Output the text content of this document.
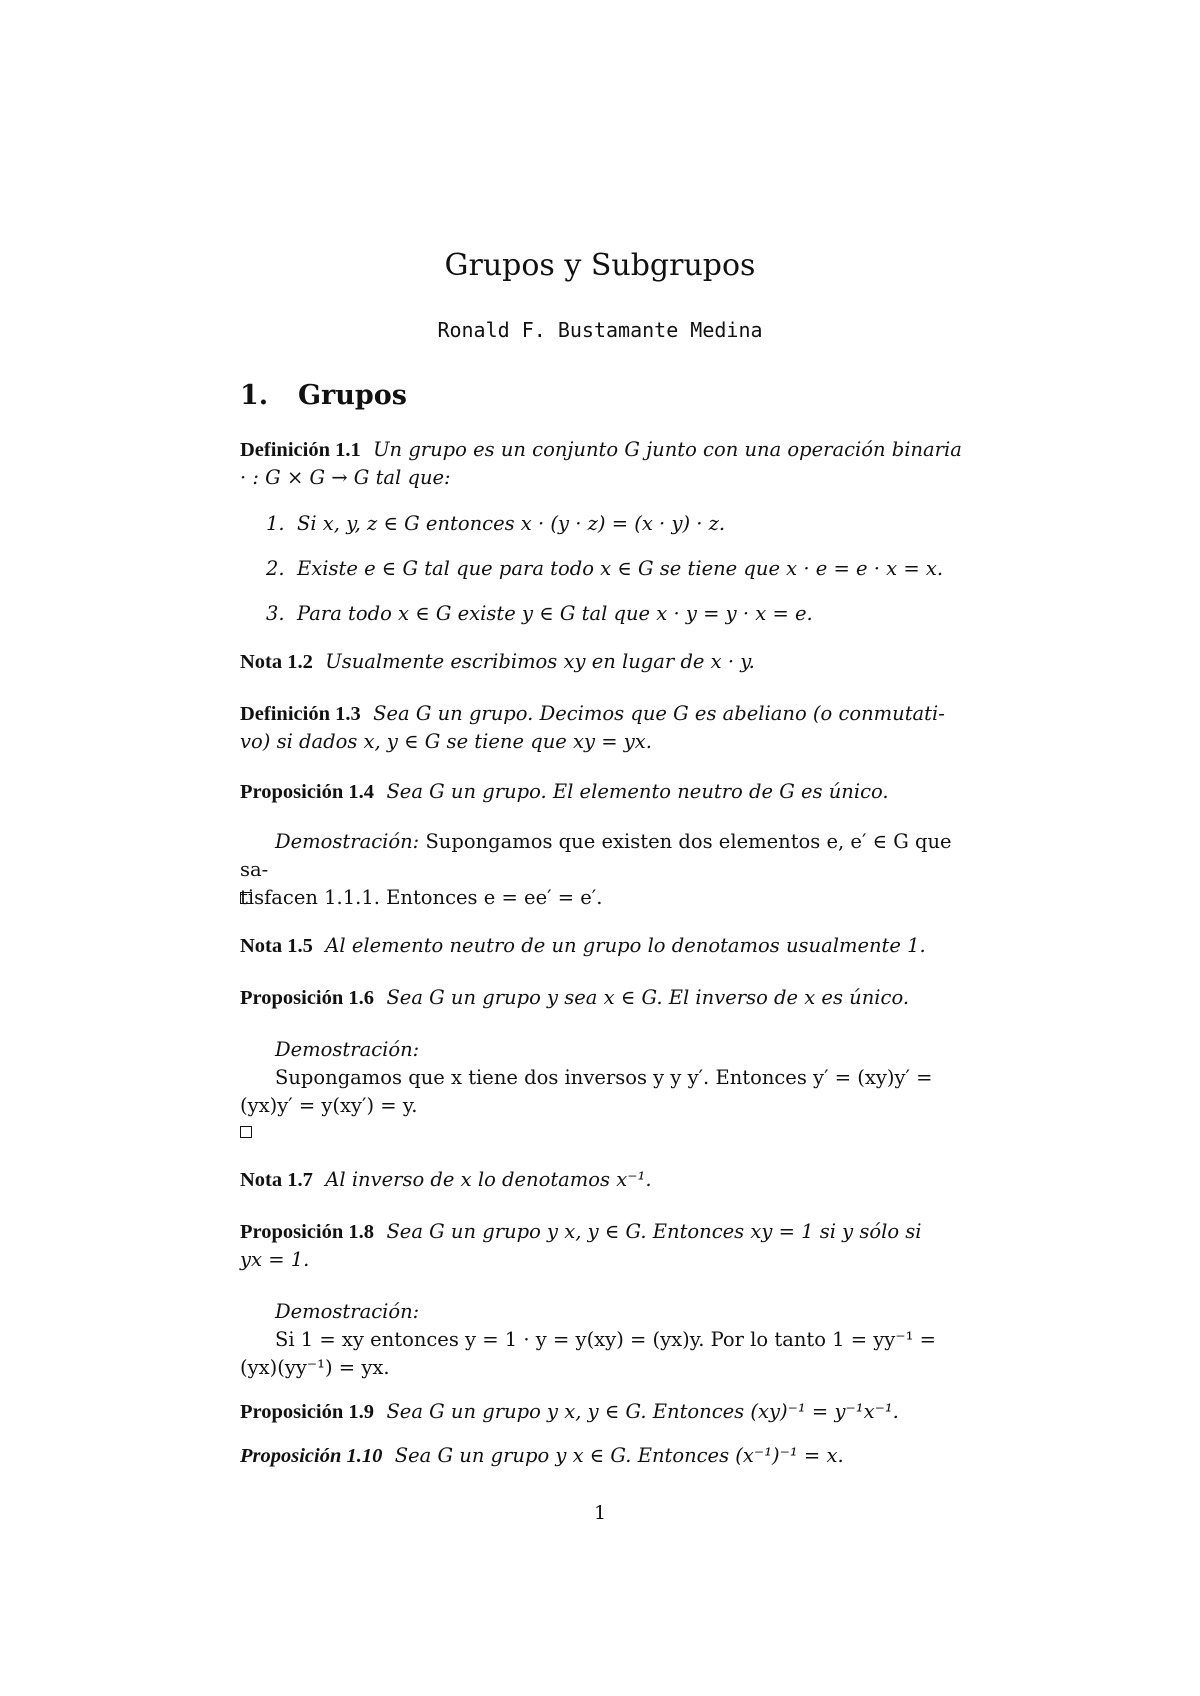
Grupos y Subgrupos
Ronald F. Bustamante Medina
1. Grupos

Definición 1.1 Un grupo es un conjunto G junto con una operación binaria
· : G × G → G tal que:

1. Si x, y, z ∈ G entonces x · (y · z) = (x · y) · z.
2. Existe e ∈ G tal que para todo x ∈ G se tiene que x · e = e · x = x.
3. Para todo x ∈ G existe y ∈ G tal que x · y = y · x = e.

Nota 1.2 Usualmente escribimos xy en lugar de x · y.

Definición 1.3 Sea G un grupo. Decimos que G es abeliano (o conmutati-
vo) si dados x, y ∈ G se tiene que xy = yx.

Proposición 1.4 Sea G un grupo. El elemento neutro de G es único.

Demostración: Supongamos que existen dos elementos e, e′ ∈ G que sa-
tisfacen 1.1.1. Entonces e = ee′ = e′.

Nota 1.5 Al elemento neutro de un grupo lo denotamos usualmente 1.

Proposición 1.6 Sea G un grupo y sea x ∈ G. El inverso de x es único.

Demostración:
Supongamos que x tiene dos inversos y y y′. Entonces y′ = (xy)y′ =
(yx)y′ = y(xy′) = y.

Nota 1.7 Al inverso de x lo denotamos x⁻¹.

Proposición 1.8 Sea G un grupo y x, y ∈ G. Entonces xy = 1 si y sólo si
yx = 1.

Demostración:
Si 1 = xy entonces y = 1 · y = y(xy) = (yx)y. Por lo tanto 1 = yy⁻¹ =
(yx)(yy⁻¹) = yx.

Proposición 1.9 Sea G un grupo y x, y ∈ G. Entonces (xy)⁻¹ = y⁻¹x⁻¹.

Proposición 1.10 Sea G un grupo y x ∈ G. Entonces (x⁻¹)⁻¹ = x.

1
